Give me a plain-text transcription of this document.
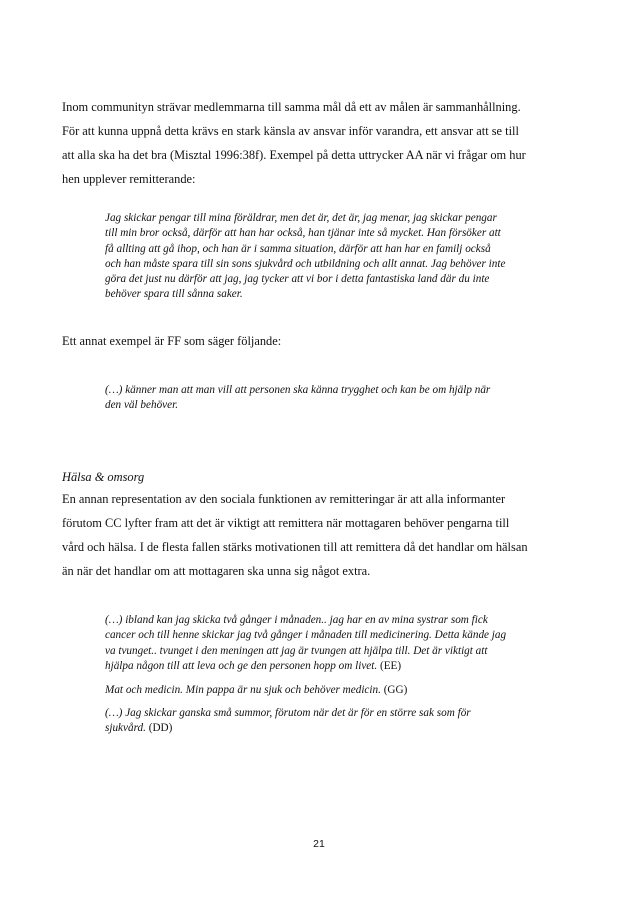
Inom communityn strävar medlemmarna till samma mål då ett av målen är sammanhållning.

För att kunna uppnå detta krävs en stark känsla av ansvar inför varandra, ett ansvar att se till

att alla ska ha det bra (Misztal 1996:38f). Exempel på detta uttrycker AA när vi frågar om hur

hen upplever remitterande:

Jag skickar pengar till mina föräldrar, men det är, det är, jag menar, jag skickar pengar
till min bror också, därför att han har också, han tjänar inte så mycket. Han försöker att
få allting att gå ihop, och han är i samma situation, därför att han har en familj också
och han måste spara till sin sons sjukvård och utbildning och allt annat. Jag behöver inte
göra det just nu därför att jag, jag tycker att vi bor i detta fantastiska land där du inte
behöver spara till sånna saker.

Ett annat exempel är FF som säger följande:

(…) känner man att man vill att personen ska känna trygghet och kan be om hjälp när
den väl behöver.

Hälsa & omsorg

En annan representation av den sociala funktionen av remitteringar är att alla informanter

förutom CC lyfter fram att det är viktigt att remittera när mottagaren behöver pengarna till

vård och hälsa. I de flesta fallen stärks motivationen till att remittera då det handlar om hälsan

än när det handlar om att mottagaren ska unna sig något extra.

(…) ibland kan jag skicka två gånger i månaden.. jag har en av mina systrar som fick
cancer och till henne skickar jag två gånger i månaden till medicinering. Detta kände jag
va tvunget.. tvunget i den meningen att jag är tvungen att hjälpa till. Det är viktigt att
hjälpa någon till att leva och ge den personen hopp om livet. (EE)
Mat och medicin. Min pappa är nu sjuk och behöver medicin. (GG)
(…) Jag skickar ganska små summor, förutom när det är för en större sak som för
sjukvård. (DD)
21
